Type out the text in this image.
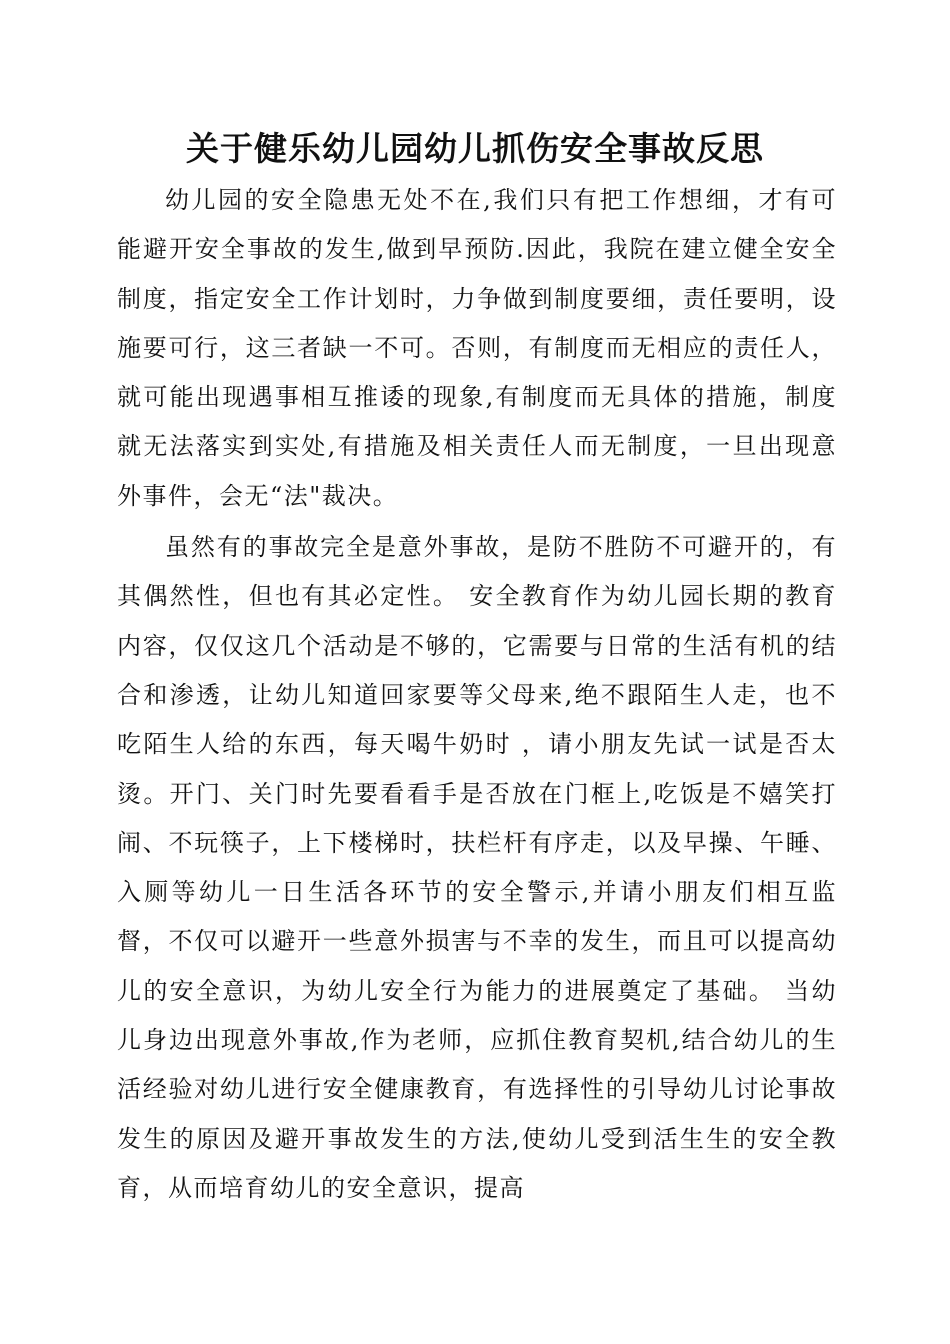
关于健乐幼儿园幼儿抓伤安全事故反思

幼儿园的安全隐患无处不在,我们只有把工作想细，才有可能避开安全事故的发生,做到早预防.因此，我院在建立健全安全制度，指定安全工作计划时，力争做到制度要细，责任要明，设施要可行，这三者缺一不可。否则，有制度而无相应的责任人，就可能出现遇事相互推诿的现象,有制度而无具体的措施，制度就无法落实到实处,有措施及相关责任人而无制度，一旦出现意外事件，会无“法"裁决。

虽然有的事故完全是意外事故，是防不胜防不可避开的，有其偶然性，但也有其必定性。 安全教育作为幼儿园长期的教育内容，仅仅这几个活动是不够的，它需要与日常的生活有机的结合和渗透，让幼儿知道回家要等父母来,绝不跟陌生人走，也不吃陌生人给的东西，每天喝牛奶时 ，请小朋友先试一试是否太烫。开门、关门时先要看看手是否放在门框上,吃饭是不嬉笑打闹、不玩筷子，上下楼梯时，扶栏杆有序走，以及早操、午睡、入厕等幼儿一日生活各环节的安全警示,并请小朋友们相互监督，不仅可以避开一些意外损害与不幸的发生，而且可以提高幼儿的安全意识，为幼儿安全行为能力的进展奠定了基础。 当幼儿身边出现意外事故,作为老师，应抓住教育契机,结合幼儿的生活经验对幼儿进行安全健康教育，有选择性的引导幼儿讨论事故发生的原因及避开事故发生的方法,使幼儿受到活生生的安全教育，从而培育幼儿的安全意识，提高
